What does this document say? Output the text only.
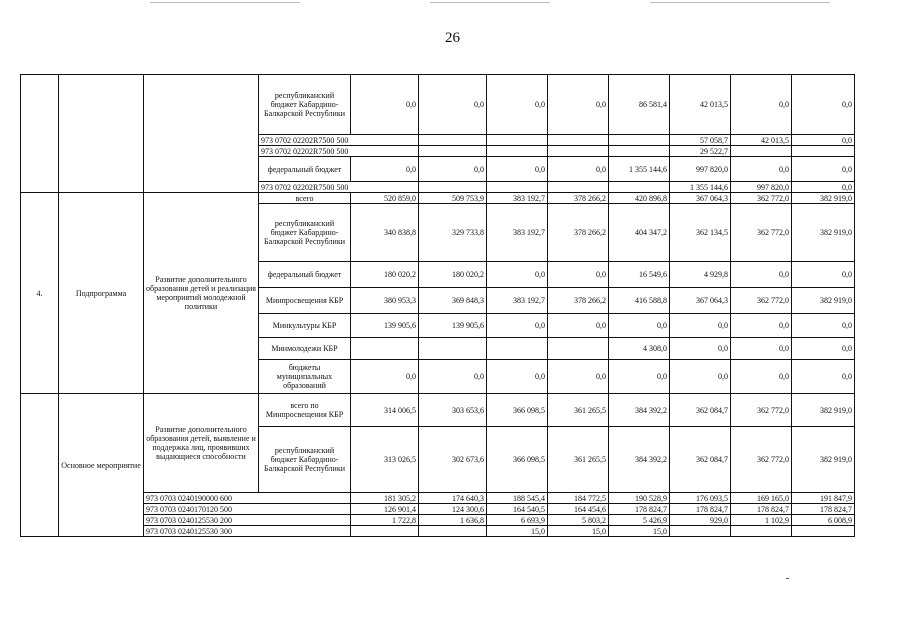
26
			республиканский бюджет Кабардино-Балкарской Республики	0,0	0,0	0,0	0,0	86 581,4	42 013,5	0,0	0,0	
			973 0702 02202R7500 500						57 058,7	42 013,5	0,0	
			973 0702 02202R7500 500						29 522,7			
			федеральный бюджет	0,0	0,0	0,0	0,0	1 355 144,6	997 820,0	0,0	0,0	
			973 0702 02202R7500 500						1 355 144,6	997 820,0	0,0	
4.	Подпрограмма	Развитие дополнительного образования детей и реализация мероприятий молодежной политики	всего	520 859,0	509 753,9	383 192,7	378 266,2	420 896,8	367 064,3	362 772,0	382 919,0	
			республиканский бюджет Кабардино-Балкарской Республики	340 838,8	329 733,8	383 192,7	378 266,2	404 347,2	362 134,5	362 772,0	382 919,0	
			федеральный бюджет	180 020,2	180 020,2	0,0	0,0	16 549,6	4 929,8	0,0	0,0	
			Минпросвещения КБР	380 953,3	369 848,3	383 192,7	378 266,2	416 588,8	367 064,3	362 772,0	382 919,0	
			Минкультуры КБР	139 905,6	139 905,6	0,0	0,0	0,0	0,0	0,0	0,0	
			Минмолодежи КБР					4 308,0	0,0	0,0	0,0	
			бюджеты муниципальных образований	0,0	0,0	0,0	0,0	0,0	0,0	0,0	0,0	
	Основное мероприятие	Развитие дополнительного образования детей, выявление и поддержка лиц, проявивших выдающиеся способности	всего по Минпросвещения КБР	314 006,5	303 653,6	366 098,5	361 265,5	384 392,2	362 084,7	362 772,0	382 919,0	
			республиканский бюджет Кабардино-Балкарской Республики	313 026,5	302 673,6	366 098,5	361 265,5	384 392,2	362 084,7	362 772,0	382 919,0	
		973 0703 0240190000 600		181 305,2	174 640,3	188 545,4	184 772,5	190 528,9	176 093,5	169 165,0	191 847,9	
		973 0703 0240170120 500		126 901,4	124 300,6	164 540,5	164 454,6	178 824,7	178 824,7	178 824,7	178 824,7	
		973 0703 0240125530 200		1 722,8	1 636,8	6 693,9	5 803,2	5 426,9	929,0	1 102,9	6 008,9	
		973 0703 0240125530 300				15,0	15,0	15,0				
